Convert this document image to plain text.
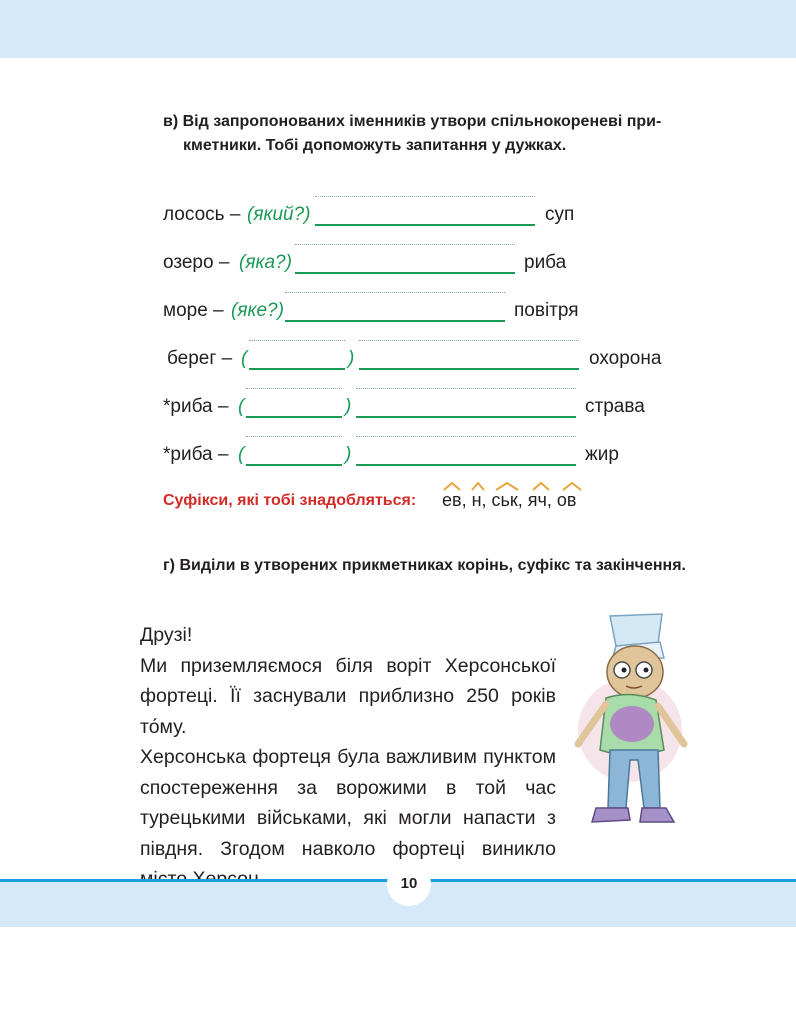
в) Від запропонованих іменників утвори спільнокореневі при-
кметники. Тобі допоможуть запитання у дужках.
лосось – (який?)	суп
озеро – (яка?)	риба
море – (яке?)	повітря
берег – (	)	охорона
*риба – (	)	страва
*риба – (	)	жир
Суфікси, які тобі знадобляться: ев, н, ськ, яч, ов
г) Виділи в утворених прикметниках корінь, суфікс та закінчення.

Друзі!

Ми приземляємося біля воріт Херсонської фортеці. Її заснували приблизно 250 років то́му.

Херсонська фортеця була важливим пунктом спостереження за ворожими в той час турецькими військами, які могли напасти з півдня. Згодом навколо фортеці виникло

10
